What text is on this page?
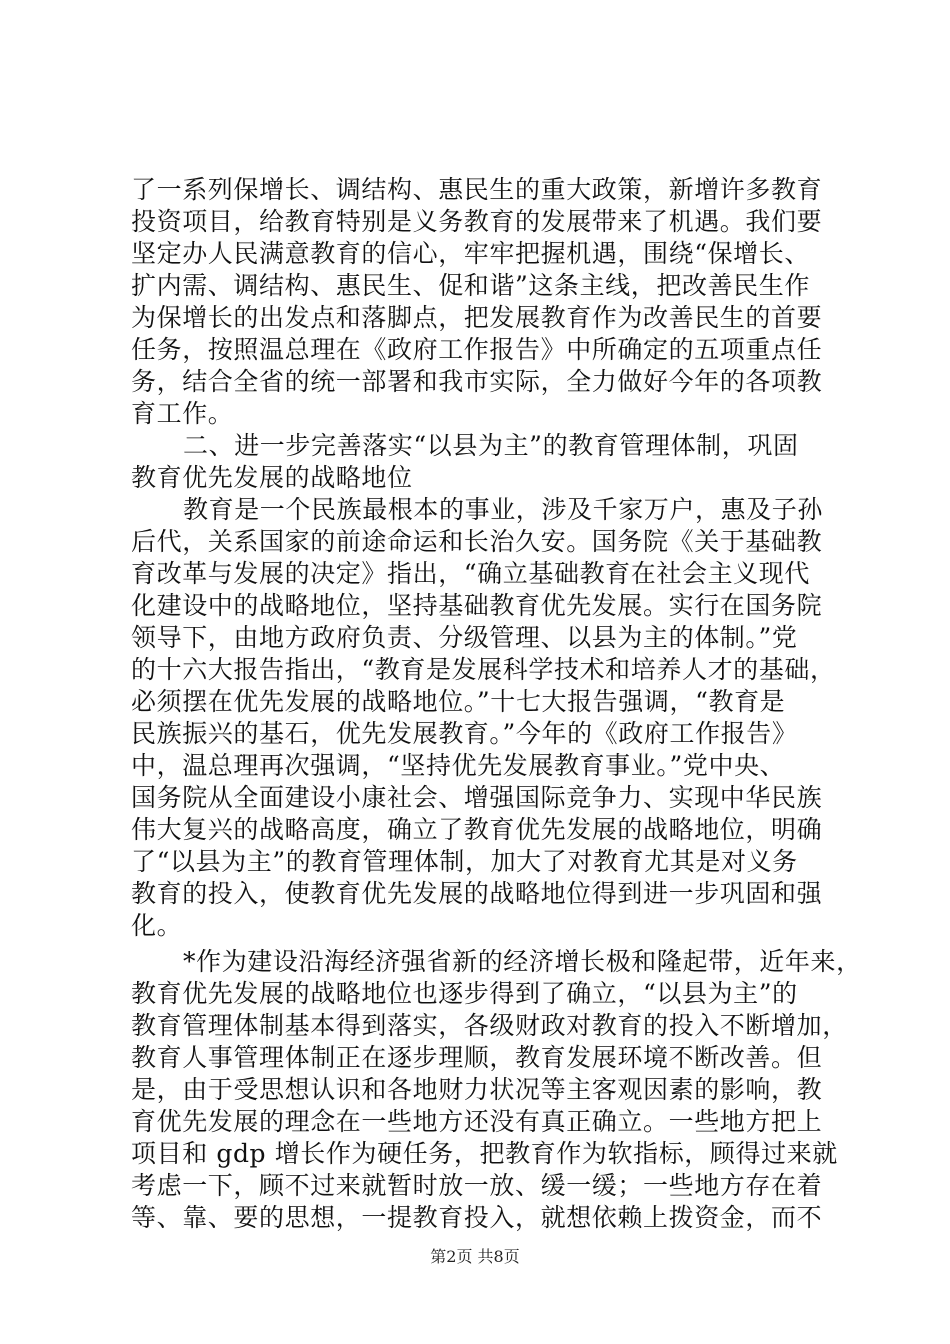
了一系列保增长、调结构、惠民生的重大政策，新增许多教育
投资项目，给教育特别是义务教育的发展带来了机遇。我们要
坚定办人民满意教育的信心，牢牢把握机遇，围绕“保增长、
扩内需、调结构、惠民生、促和谐”这条主线，把改善民生作
为保增长的出发点和落脚点，把发展教育作为改善民生的首要
任务，按照温总理在《政府工作报告》中所确定的五项重点任
务，结合全省的统一部署和我市实际，全力做好今年的各项教
育工作。
二、进一步完善落实“以县为主”的教育管理体制，巩固
教育优先发展的战略地位
教育是一个民族最根本的事业，涉及千家万户，惠及子孙
后代，关系国家的前途命运和长治久安。国务院《关于基础教
育改革与发展的决定》指出，“确立基础教育在社会主义现代
化建设中的战略地位，坚持基础教育优先发展。实行在国务院
领导下，由地方政府负责、分级管理、以县为主的体制。”党
的十六大报告指出，“教育是发展科学技术和培养人才的基础，
必须摆在优先发展的战略地位。”十七大报告强调，“教育是
民族振兴的基石，优先发展教育。”今年的《政府工作报告》
中，温总理再次强调，“坚持优先发展教育事业。”党中央、
国务院从全面建设小康社会、增强国际竞争力、实现中华民族
伟大复兴的战略高度，确立了教育优先发展的战略地位，明确
了“以县为主”的教育管理体制，加大了对教育尤其是对义务
教育的投入，使教育优先发展的战略地位得到进一步巩固和强
化。
*作为建设沿海经济强省新的经济增长极和隆起带，近年来，
教育优先发展的战略地位也逐步得到了确立，“以县为主”的
教育管理体制基本得到落实，各级财政对教育的投入不断增加，
教育人事管理体制正在逐步理顺，教育发展环境不断改善。但
是，由于受思想认识和各地财力状况等主客观因素的影响，教
育优先发展的理念在一些地方还没有真正确立。一些地方把上
项目和 gdp 增长作为硬任务，把教育作为软指标，顾得过来就
考虑一下，顾不过来就暂时放一放、缓一缓；一些地方存在着
等、靠、要的思想，一提教育投入，就想依赖上拨资金，而不
第2页 共8页
